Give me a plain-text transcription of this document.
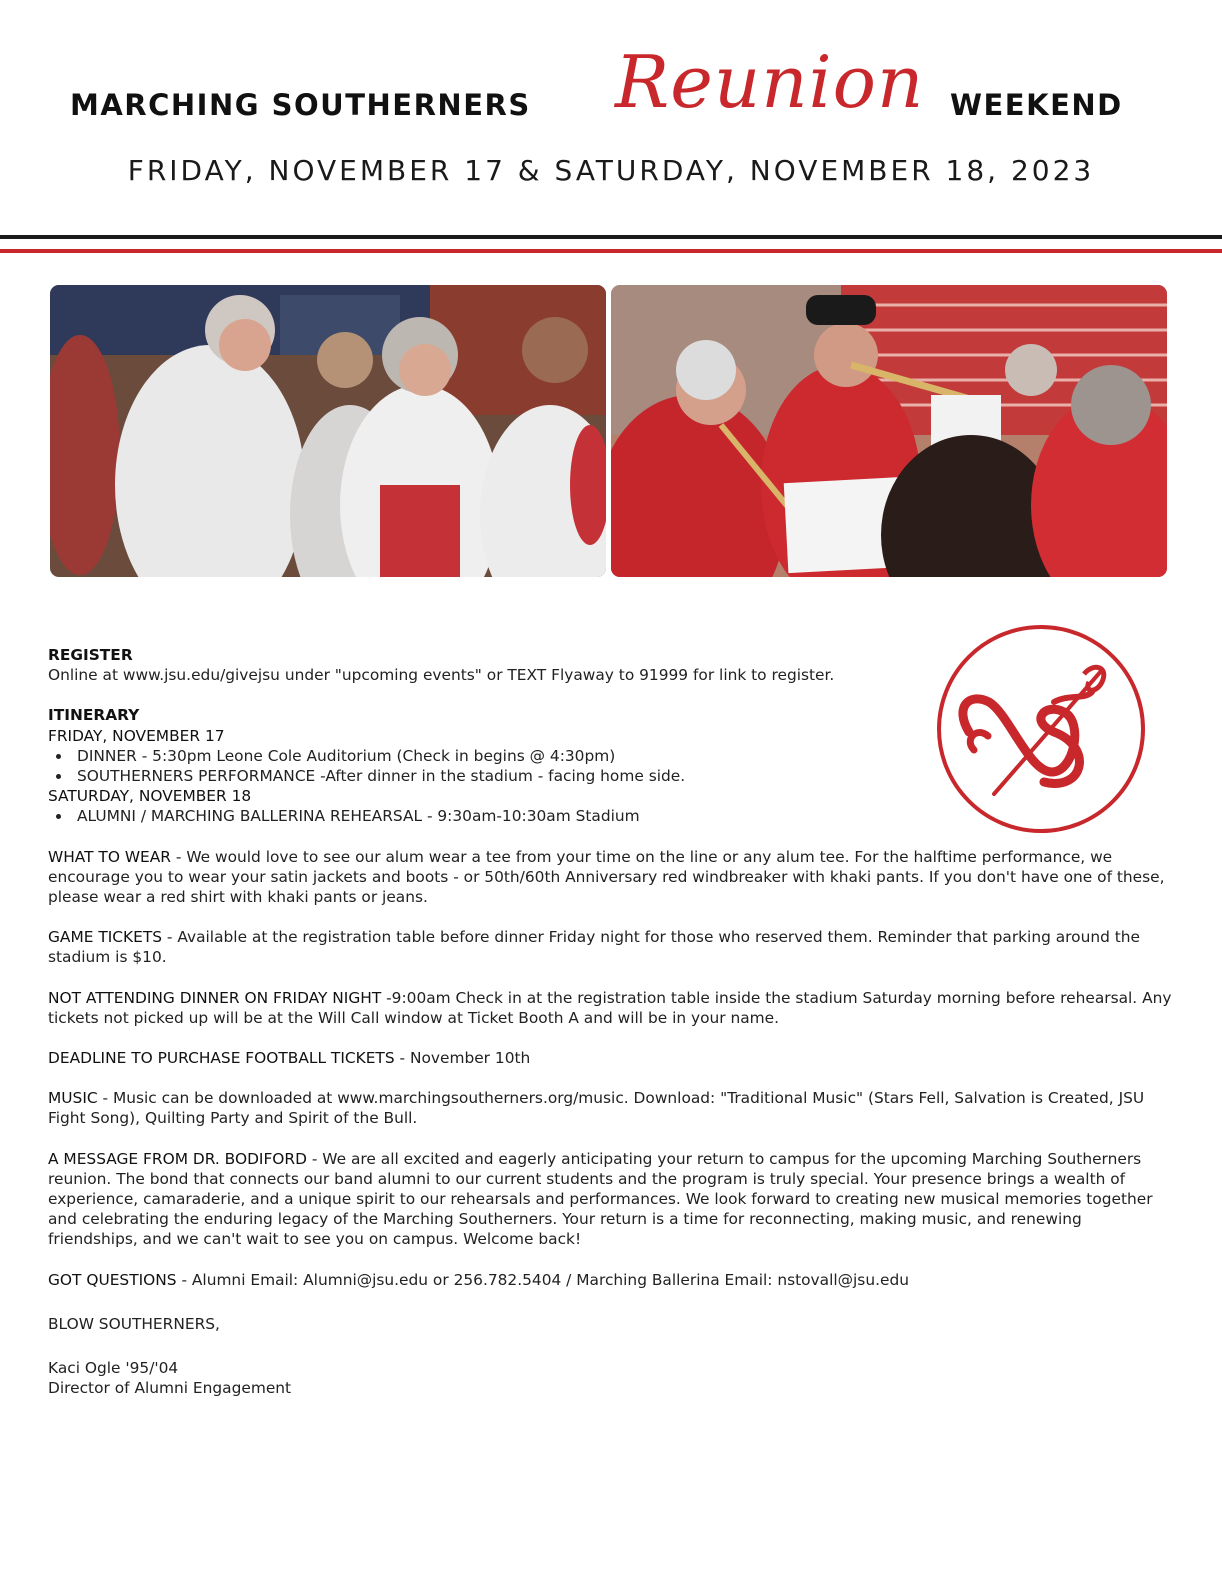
MARCHING SOUTHERNERS Reunion WEEKEND
FRIDAY, NOVEMBER 17 & SATURDAY, NOVEMBER 18, 2023

REGISTER

Online at www.jsu.edu/givejsu under "upcoming events" or TEXT Flyaway to 91999 for link to register.

ITINERARY

FRIDAY, NOVEMBER 17

DINNER - 5:30pm Leone Cole Auditorium (Check in begins @ 4:30pm)
SOUTHERNERS PERFORMANCE -After dinner in the stadium - facing home side.

SATURDAY, NOVEMBER 18

ALUMNI / MARCHING BALLERINA REHEARSAL - 9:30am-10:30am Stadium

WHAT TO WEAR - We would love to see our alum wear a tee from your time on the line or any alum tee. For the halftime performance, we encourage you to wear your satin jackets and boots - or 50th/60th Anniversary red windbreaker with khaki pants. If you don't have one of these, please wear a red shirt with khaki pants or jeans.

GAME TICKETS - Available at the registration table before dinner Friday night for those who reserved them. Reminder that parking around the stadium is $10.

NOT ATTENDING DINNER ON FRIDAY NIGHT -9:00am Check in at the registration table inside the stadium Saturday morning before rehearsal. Any tickets not picked up will be at the Will Call window at Ticket Booth A and will be in your name.

DEADLINE TO PURCHASE FOOTBALL TICKETS - November 10th

MUSIC - Music can be downloaded at www.marchingsoutherners.org/music. Download: "Traditional Music" (Stars Fell, Salvation is Created, JSU Fight Song), Quilting Party and Spirit of the Bull.

A MESSAGE FROM DR. BODIFORD - We are all excited and eagerly anticipating your return to campus for the upcoming Marching Southerners reunion. The bond that connects our band alumni to our current students and the program is truly special. Your presence brings a wealth of experience, camaraderie, and a unique spirit to our rehearsals and performances. We look forward to creating new musical memories together and celebrating the enduring legacy of the Marching Southerners. Your return is a time for reconnecting, making music, and renewing friendships, and we can't wait to see you on campus. Welcome back!

GOT QUESTIONS - Alumni Email: Alumni@jsu.edu or 256.782.5404 / Marching Ballerina Email: nstovall@jsu.edu

BLOW SOUTHERNERS,

Kaci Ogle '95/'04

Director of Alumni Engagement
